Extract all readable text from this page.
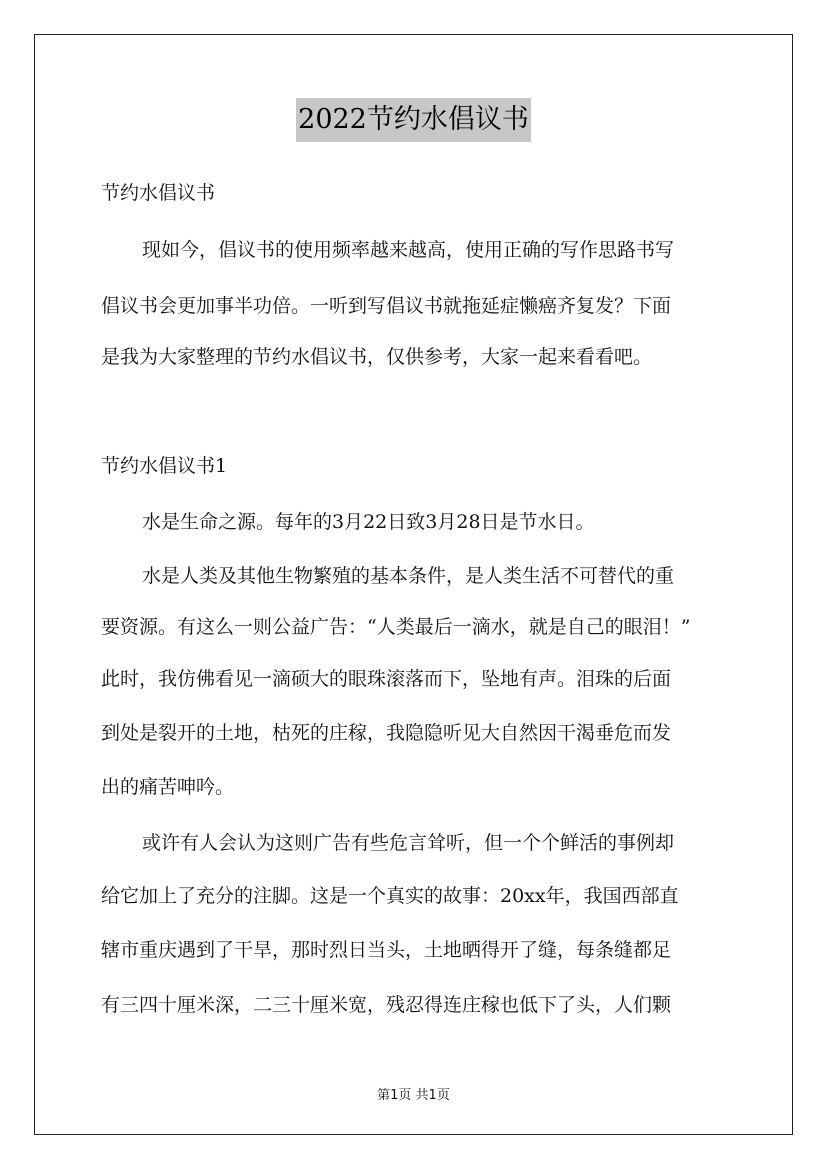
2022节约水倡议书
节约水倡议书
现如今，倡议书的使用频率越来越高，使用正确的写作思路书写
倡议书会更加事半功倍。一听到写倡议书就拖延症懒癌齐复发？下面
是我为大家整理的节约水倡议书，仅供参考，大家一起来看看吧。
节约水倡议书1
水是生命之源。每年的3月22日致3月28日是节水日。
水是人类及其他生物繁殖的基本条件，是人类生活不可替代的重
要资源。有这么一则公益广告：“人类最后一滴水，就是自己的眼泪！”
此时，我仿佛看见一滴硕大的眼珠滚落而下，坠地有声。泪珠的后面
到处是裂开的土地，枯死的庄稼，我隐隐听见大自然因干渴垂危而发
出的痛苦呻吟。
或许有人会认为这则广告有些危言耸听，但一个个鲜活的事例却
给它加上了充分的注脚。这是一个真实的故事：20xx年，我国西部直
辖市重庆遇到了干旱，那时烈日当头，土地晒得开了缝，每条缝都足
有三四十厘米深，二三十厘米宽，残忍得连庄稼也低下了头，人们颗
第1页 共1页
